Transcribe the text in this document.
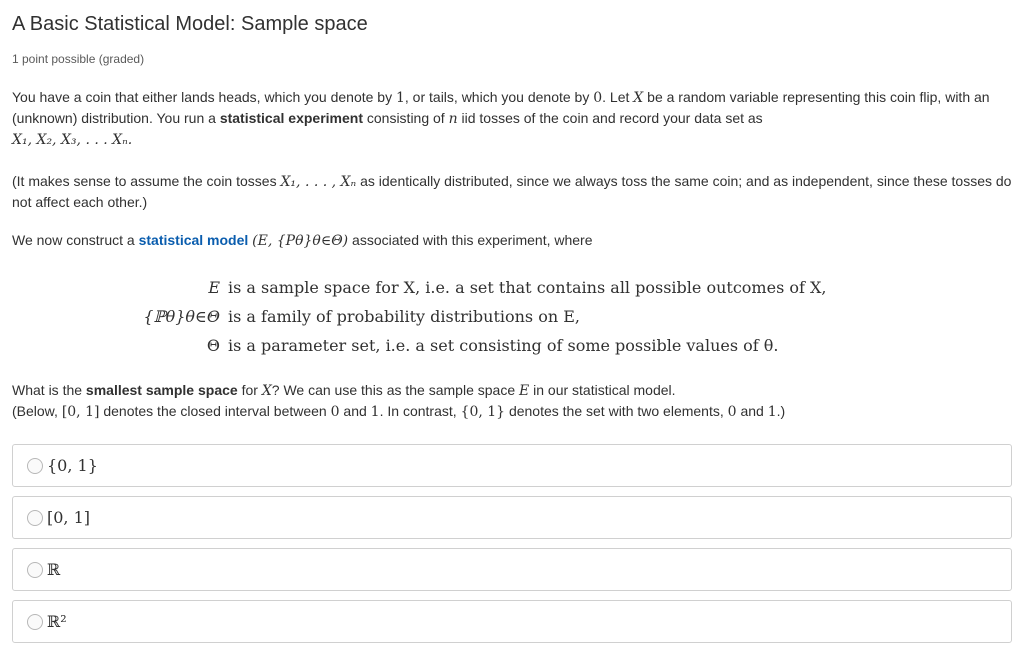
A Basic Statistical Model: Sample space
1 point possible (graded)

You have a coin that either lands heads, which you denote by 1, or tails, which you denote by 0. Let X be a random variable representing this coin flip, with an (unknown) distribution. You run a statistical experiment consisting of n iid tosses of the coin and record your data set as
X₁, X₂, X₃, . . . Xₙ.

(It makes sense to assume the coin tosses X₁, . . . , Xₙ as identically distributed, since we always toss the same coin; and as independent, since these tosses do not affect each other.)

We now construct a statistical model (E, {Pθ}θ∈Θ) associated with this experiment, where

E is a sample space for X, i.e. a set that contains all possible outcomes of X,
{ℙθ}θ∈Θ is a family of probability distributions on E,
Θ is a parameter set, i.e. a set consisting of some possible values of θ.

What is the smallest sample space for X? We can use this as the sample space E in our statistical model.
(Below, [0, 1] denotes the closed interval between 0 and 1. In contrast, {0, 1} denotes the set with two elements, 0 and 1.)

{0, 1}
[0, 1]
ℝ
ℝ²
